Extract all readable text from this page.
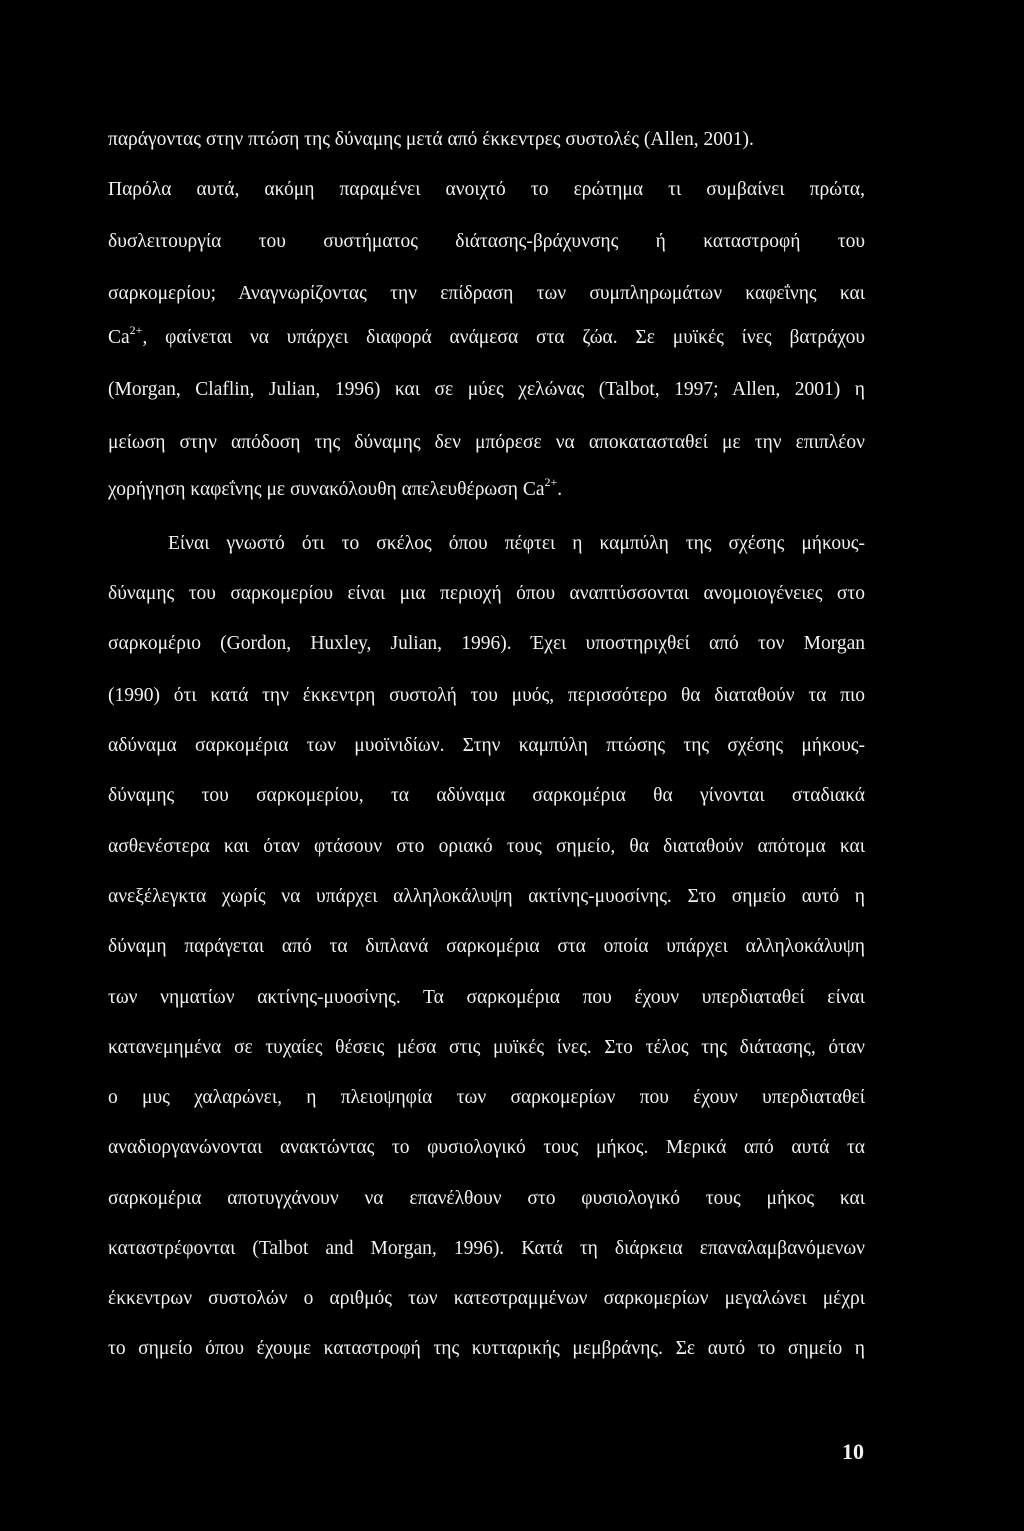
παράγοντας στην πτώση της δύναμης μετά από έκκεντρες συστολές (Allen, 2001).
Παρόλα αυτά, ακόμη παραμένει ανοιχτό το ερώτημα τι συμβαίνει πρώτα,
δυσλειτουργία του συστήματος διάτασης-βράχυνσης ή καταστροφή του
σαρκομερίου; Αναγνωρίζοντας την επίδραση των συμπληρωμάτων καφεΐνης και
$Ca^{2+}$, φαίνεται να υπάρχει διαφορά ανάμεσα στα ζώα. Σε μυϊκές ίνες βατράχου
(Morgan, Claflin, Julian, 1996) και σε μύες χελώνας (Talbot, 1997; Allen, 2001) η
μείωση στην απόδοση της δύναμης δεν μπόρεσε να αποκατασταθεί με την επιπλέον
χορήγηση καφεΐνης με συνακόλουθη απελευθέρωση $Ca^{2+}$.
Είναι γνωστό ότι το σκέλος όπου πέφτει η καμπύλη της σχέσης μήκους-
δύναμης του σαρκομερίου είναι μια περιοχή όπου αναπτύσσονται ανομοιογένειες στο
σαρκομέριο (Gordon, Huxley, Julian, 1996). Έχει υποστηριχθεί από τον Morgan
(1990) ότι κατά την έκκεντρη συστολή του μυός, περισσότερο θα διαταθούν τα πιο
αδύναμα σαρκομέρια των μυοϊνιδίων. Στην καμπύλη πτώσης της σχέσης μήκους-
δύναμης του σαρκομερίου, τα αδύναμα σαρκομέρια θα γίνονται σταδιακά
ασθενέστερα και όταν φτάσουν στο οριακό τους σημείο, θα διαταθούν απότομα και
ανεξέλεγκτα χωρίς να υπάρχει αλληλοκάλυψη ακτίνης-μυοσίνης. Στο σημείο αυτό η
δύναμη παράγεται από τα διπλανά σαρκομέρια στα οποία υπάρχει αλληλοκάλυψη
των νηματίων ακτίνης-μυοσίνης. Τα σαρκομέρια που έχουν υπερδιαταθεί είναι
κατανεμημένα σε τυχαίες θέσεις μέσα στις μυϊκές ίνες. Στο τέλος της διάτασης, όταν
ο μυς χαλαρώνει, η πλειοψηφία των σαρκομερίων που έχουν υπερδιαταθεί
αναδιοργανώνονται ανακτώντας το φυσιολογικό τους μήκος. Μερικά από αυτά τα
σαρκομέρια αποτυγχάνουν να επανέλθουν στο φυσιολογικό τους μήκος και
καταστρέφονται (Talbot and Morgan, 1996). Κατά τη διάρκεια επαναλαμβανόμενων
έκκεντρων συστολών ο αριθμός των κατεστραμμένων σαρκομερίων μεγαλώνει μέχρι
το σημείο όπου έχουμε καταστροφή της κυτταρικής μεμβράνης. Σε αυτό το σημείο η
10
